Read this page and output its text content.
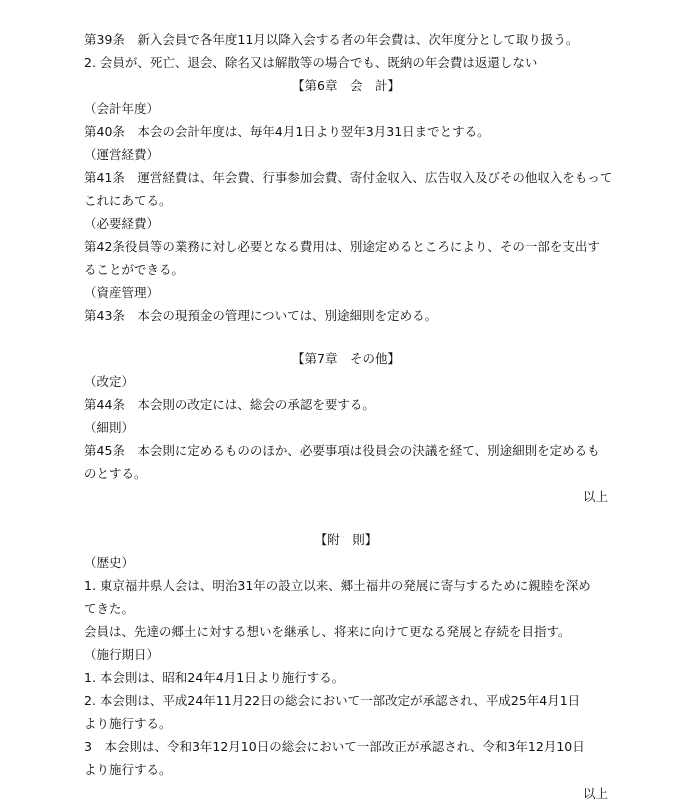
第39条　新入会員で各年度11月以降入会する者の年会費は、次年度分として取り扱う。
2. 会員が、死亡、退会、除名又は解散等の場合でも、既納の年会費は返還しない
【第6章　会　計】
（会計年度）
第40条　本会の会計年度は、毎年4月1日より翌年3月31日までとする。
（運営経費）
第41条　運営経費は、年会費、行事参加会費、寄付金収入、広告収入及びその他収入をもって
これにあてる。
（必要経費）
第42条役員等の業務に対し必要となる費用は、別途定めるところにより、その一部を支出す
ることができる。
（資産管理）
第43条　本会の現預金の管理については、別途細則を定める。
【第7章　その他】
（改定）
第44条　本会則の改定には、総会の承認を要する。
（細則）
第45条　本会則に定めるもののほか、必要事項は役員会の決議を経て、別途細則を定めるも
のとする。
以上
【附　則】
（歴史）
1. 東京福井県人会は、明治31年の設立以来、郷土福井の発展に寄与するために親睦を深め
てきた。
会員は、先達の郷土に対する想いを継承し、将来に向けて更なる発展と存続を目指す。
（施行期日）
1. 本会則は、昭和24年4月1日より施行する。
2. 本会則は、平成24年11月22日の総会において一部改定が承認され、平成25年4月1日
より施行する。
3　本会則は、令和3年12月10日の総会において一部改正が承認され、令和3年12月10日
より施行する。
以上
